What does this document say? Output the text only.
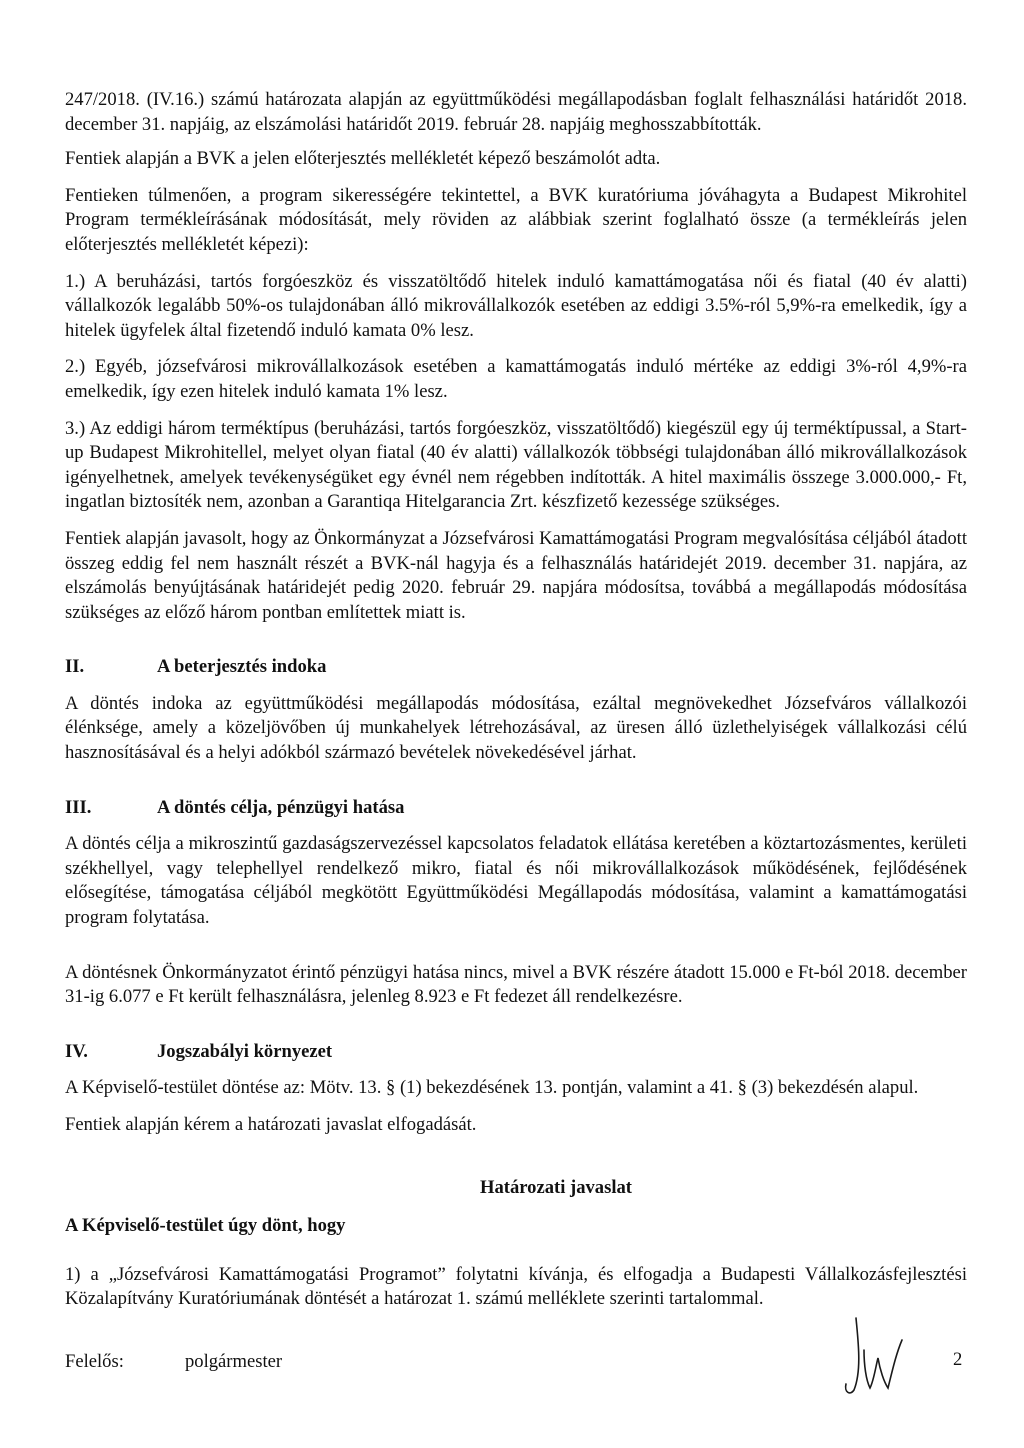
247/2018. (IV.16.) számú határozata alapján az együttműködési megállapodásban foglalt felhasználási határidőt 2018. december 31. napjáig, az elszámolási határidőt 2019. február 28. napjáig meghosszabbították.

Fentiek alapján a BVK a jelen előterjesztés mellékletét képező beszámolót adta.

Fentieken túlmenően, a program sikerességére tekintettel, a BVK kuratóriuma jóváhagyta a Budapest Mikrohitel Program termékleírásának módosítását, mely röviden az alábbiak szerint foglalható össze (a termékleírás jelen előterjesztés mellékletét képezi):

1.) A beruházási, tartós forgóeszköz és visszatöltődő hitelek induló kamattámogatása női és fiatal (40 év alatti) vállalkozók legalább 50%-os tulajdonában álló mikrovállalkozók esetében az eddigi 3.5%-ról 5,9%-ra emelkedik, így a hitelek ügyfelek által fizetendő induló kamata 0% lesz.

2.) Egyéb, józsefvárosi mikrovállalkozások esetében a kamattámogatás induló mértéke az eddigi 3%-ról 4,9%-ra emelkedik, így ezen hitelek induló kamata 1% lesz.

3.) Az eddigi három terméktípus (beruházási, tartós forgóeszköz, visszatöltődő) kiegészül egy új terméktípussal, a Start-up Budapest Mikrohitellel, melyet olyan fiatal (40 év alatti) vállalkozók többségi tulajdonában álló mikrovállalkozások igényelhetnek, amelyek tevékenységüket egy évnél nem régebben indították. A hitel maximális összege 3.000.000,- Ft, ingatlan biztosíték nem, azonban a Garantiqa Hitelgarancia Zrt. készfizető kezessége szükséges.

Fentiek alapján javasolt, hogy az Önkormányzat a Józsefvárosi Kamattámogatási Program megvalósítása céljából átadott összeg eddig fel nem használt részét a BVK-nál hagyja és a felhasználás határidejét 2019. december 31. napjára, az elszámolás benyújtásának határidejét pedig 2020. február 29. napjára módosítsa, továbbá a megállapodás módosítása szükséges az előző három pontban említettek miatt is.

II.	A beterjesztés indoka

A döntés indoka az együttműködési megállapodás módosítása, ezáltal megnövekedhet Józsefváros vállalkozói élénksége, amely a közeljövőben új munkahelyek létrehozásával, az üresen álló üzlethelyiségek vállalkozási célú hasznosításával és a helyi adókból származó bevételek növekedésével járhat.

III.	A döntés célja, pénzügyi hatása

A döntés célja a mikroszintű gazdaságszervezéssel kapcsolatos feladatok ellátása keretében a köztartozásmentes, kerületi székhellyel, vagy telephellyel rendelkező mikro, fiatal és női mikrovállalkozások működésének, fejlődésének elősegítése, támogatása céljából megkötött Együttműködési Megállapodás módosítása, valamint a kamattámogatási program folytatása.

A döntésnek Önkormányzatot érintő pénzügyi hatása nincs, mivel a BVK részére átadott 15.000 e Ft-ból 2018. december 31-ig 6.077 e Ft került felhasználásra, jelenleg 8.923 e Ft fedezet áll rendelkezésre.

IV.	Jogszabályi környezet

A Képviselő-testület döntése az: Mötv. 13. § (1) bekezdésének 13. pontján, valamint a 41. § (3) bekezdésén alapul.

Fentiek alapján kérem a határozati javaslat elfogadását.

Határozati javaslat

A Képviselő-testület úgy dönt, hogy

1) a „Józsefvárosi Kamattámogatási Programot” folytatni kívánja, és elfogadja a Budapesti Vállalkozásfejlesztési Közalapítvány Kuratóriumának döntését a határozat 1. számú melléklete szerinti tartalommal.

Felelős:	polgármester	2
